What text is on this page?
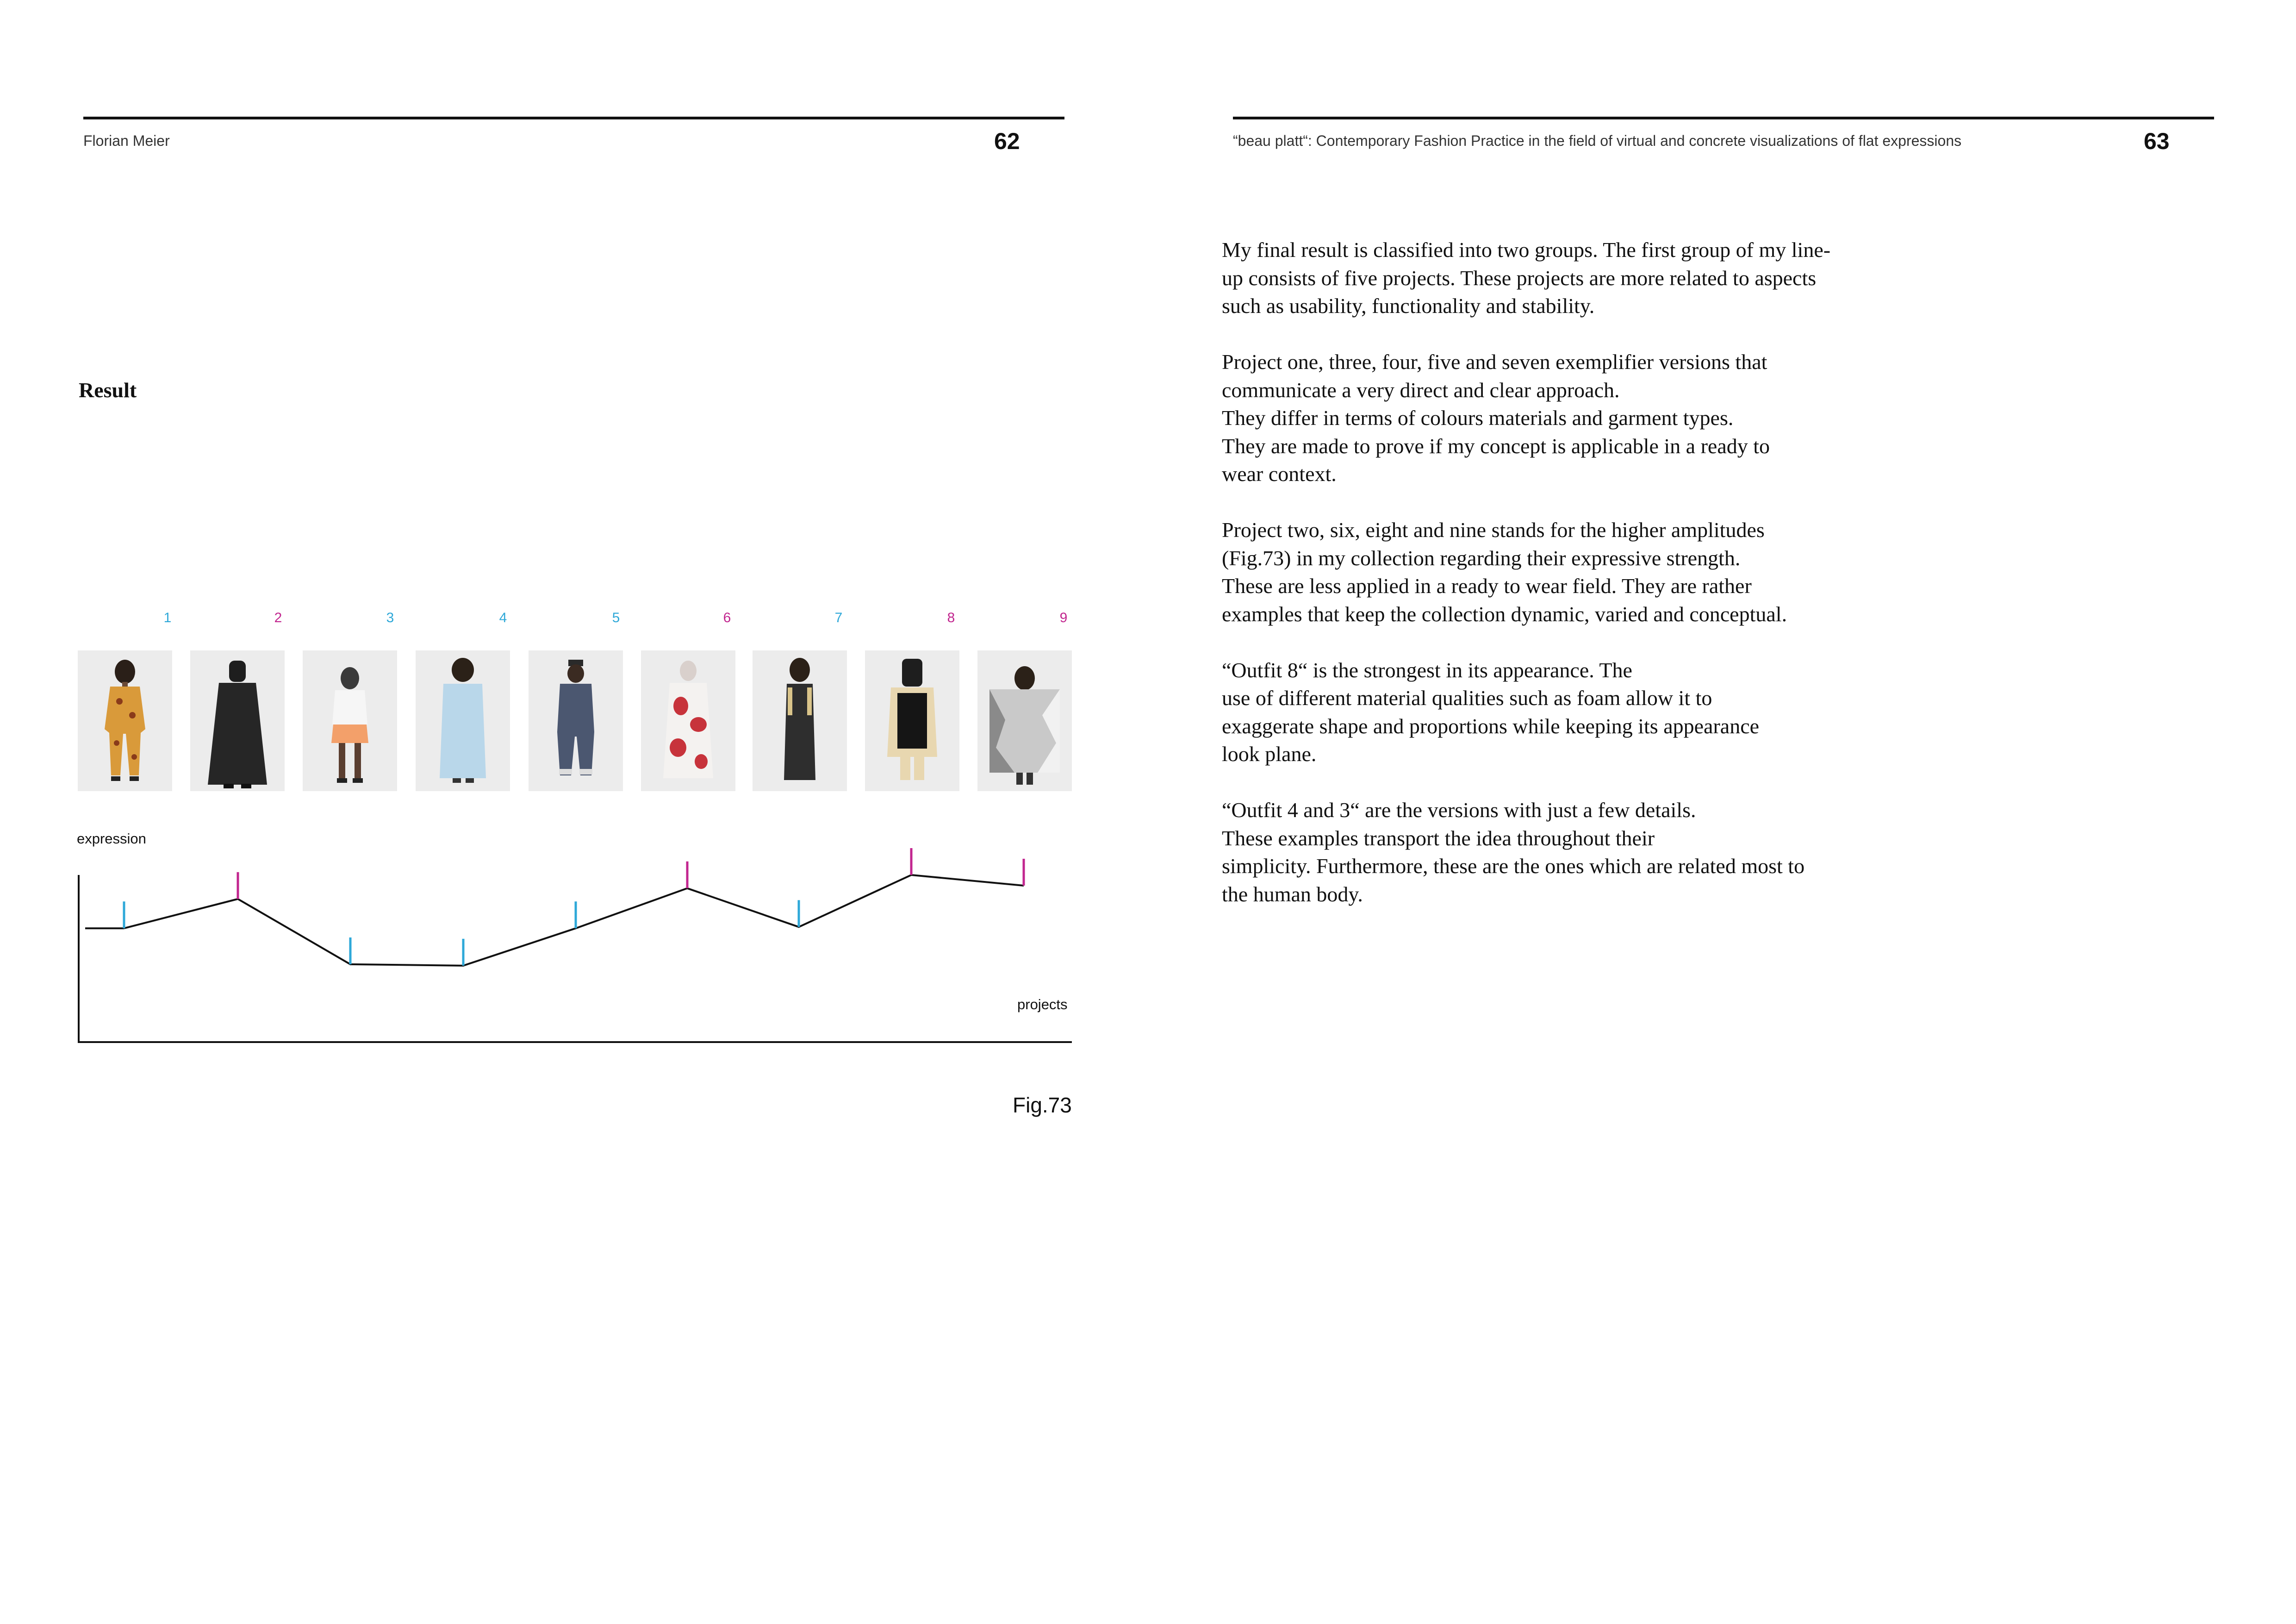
Florian Meier	62
Result
1	2	3	4	5	6	7	8	9
expression
projects
Fig.73
“beau platt“: Contemporary Fashion Practice in the field of virtual and concrete visualizations of flat expressions	63

My final result is classified into two groups. The first group of my line-
up consists of five projects. These projects are more related to aspects
such as usability, functionality and stability.

Project one, three, four, five and seven exemplifier versions that
communicate a very direct and clear approach.
They differ in terms of colours materials and garment types.
They are made to prove if my concept is applicable in a ready to
wear context.

Project two, six, eight and nine stands for the higher amplitudes
(Fig.73) in my collection regarding their expressive strength.
These are less applied in a ready to wear field. They are rather
examples that keep the collection dynamic, varied and conceptual.

“Outfit 8“ is the strongest in its appearance. The
use of different material qualities such as foam allow it to
exaggerate shape and proportions while keeping its appearance
look plane.

“Outfit 4 and 3“ are the versions with just a few details.
These examples transport the idea throughout their
simplicity. Furthermore, these are the ones which are related most to
the human body.
